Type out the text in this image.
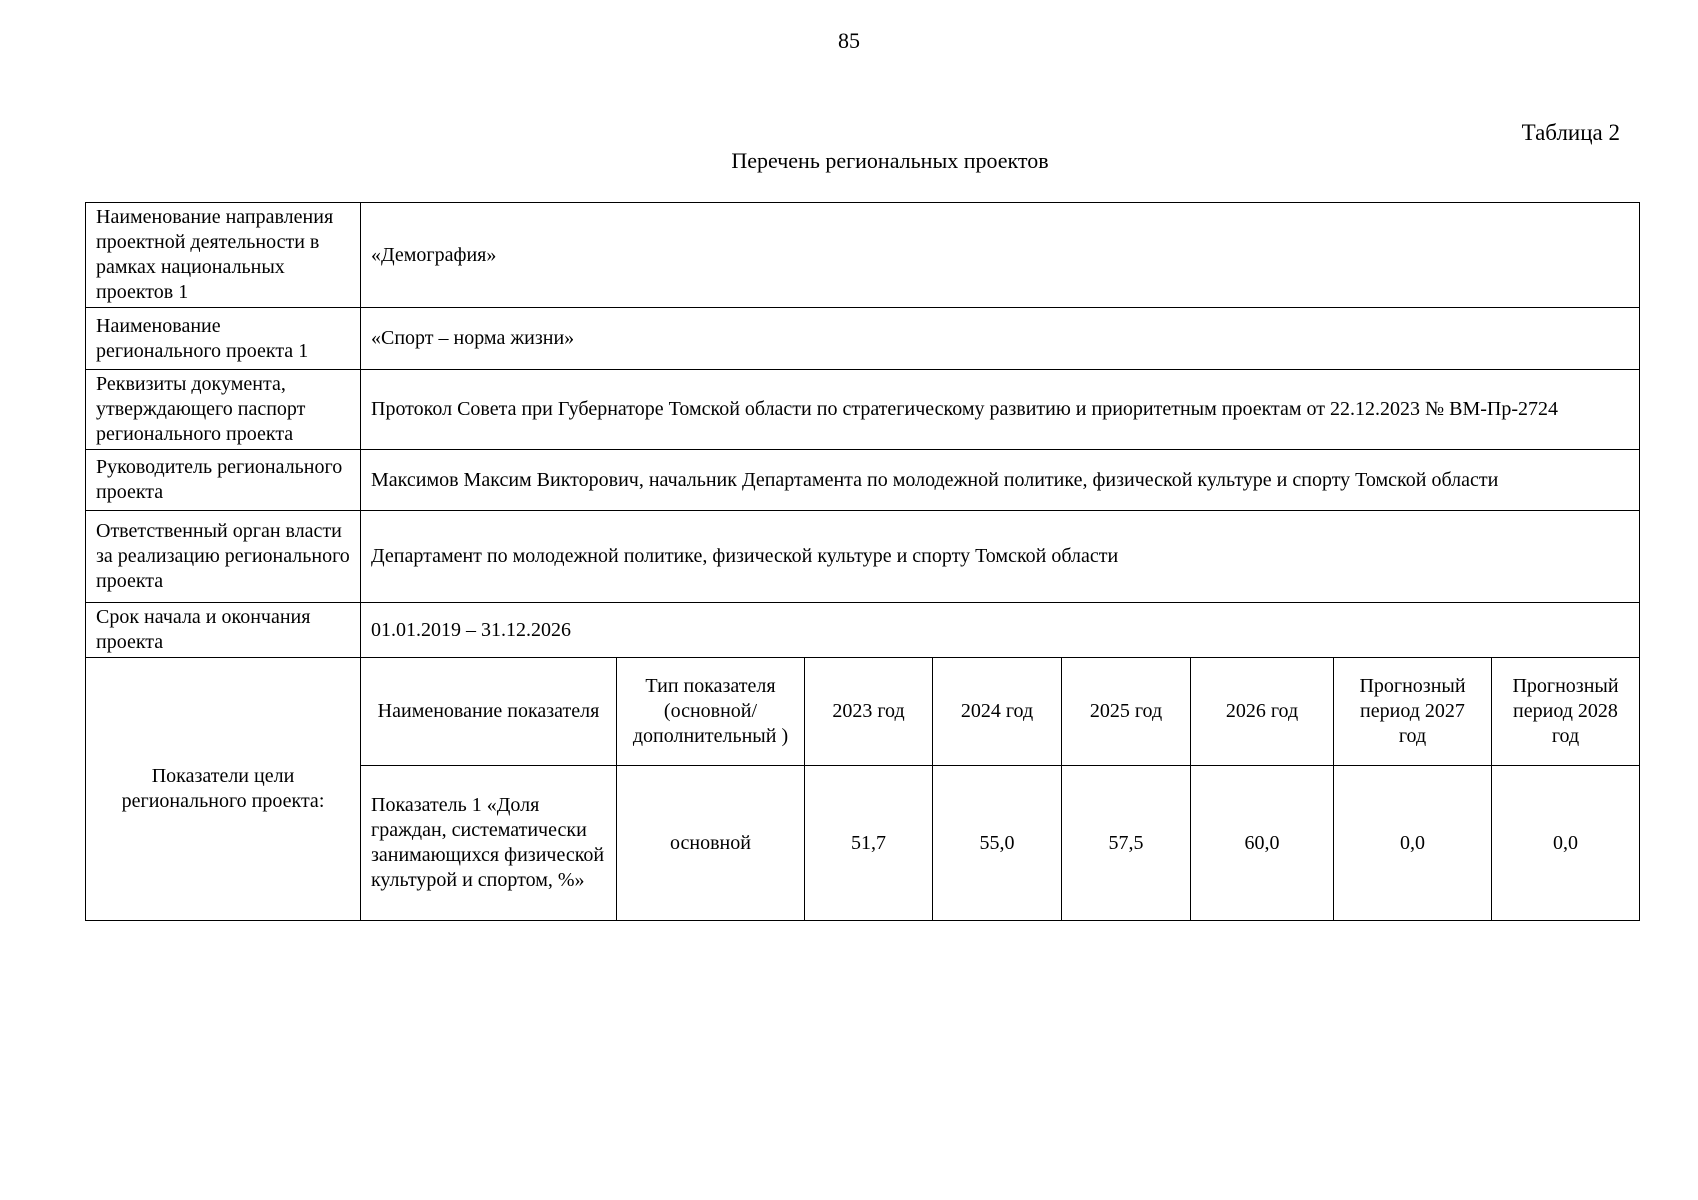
85
Таблица 2
Перечень региональных проектов
Наименование направления проектной деятельности в рамках национальных проектов 1	«Демография»							
Наименование регионального проекта 1	«Спорт – норма жизни»							
Реквизиты документа, утверждающего паспорт регионального проекта	Протокол Совета при Губернаторе Томской области по стратегическому развитию и приоритетным проектам от 22.12.2023 № ВМ-Пр-2724							
Руководитель регионального проекта	Максимов Максим Викторович, начальник Департамента по молодежной политике, физической культуре и спорту Томской области							
Ответственный орган власти за реализацию регионального проекта	Департамент по молодежной политике, физической культуре и спорту Томской области							
Срок начала и окончания проекта	01.01.2019 – 31.12.2026							
Показатели цели регионального проекта:	Наименование показателя	Тип показателя (основной/ дополнительный )	2023 год	2024 год	2025 год	2026 год	Прогнозный период 2027 год	Прогнозный период 2028 год
	Показатель 1 «Доля граждан, систематически занимающихся физической культурой и спортом, %»	основной	51,7	55,0	57,5	60,0	0,0	0,0
